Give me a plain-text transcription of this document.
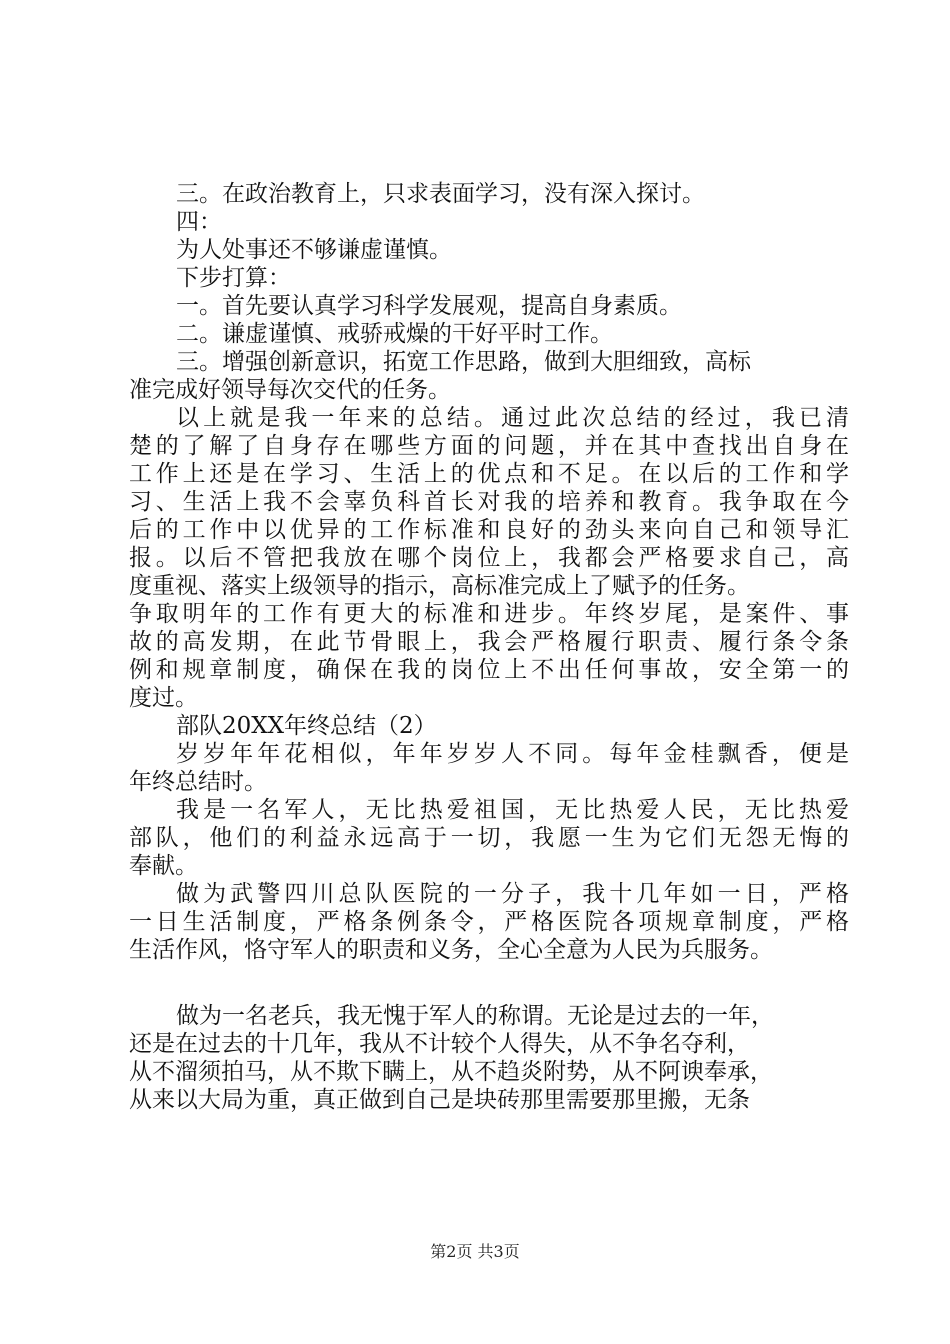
三。在政治教育上，只求表面学习，没有深入探讨。

四：

为人处事还不够谦虚谨慎。

下步打算：

一。首先要认真学习科学发展观，提高自身素质。

二。谦虚谨慎、戒骄戒燥的干好平时工作。

三。增强创新意识，拓宽工作思路，做到大胆细致，高标

准完成好领导每次交代的任务。

以上就是我一年来的总结。通过此次总结的经过，我已清

楚的了解了自身存在哪些方面的问题，并在其中查找出自身在

工作上还是在学习、生活上的优点和不足。在以后的工作和学

习、生活上我不会辜负科首长对我的培养和教育。我争取在今

后的工作中以优异的工作标准和良好的劲头来向自己和领导汇

报。以后不管把我放在哪个岗位上，我都会严格要求自己，高

度重视、落实上级领导的指示，高标准完成上了赋予的任务。

争取明年的工作有更大的标准和进步。年终岁尾，是案件、事

故的高发期，在此节骨眼上，我会严格履行职责、履行条令条

例和规章制度，确保在我的岗位上不出任何事故，安全第一的

度过。

部队20XX年终总结（2）

岁岁年年花相似，年年岁岁人不同。每年金桂飘香，便是

年终总结时。

我是一名军人，无比热爱祖国，无比热爱人民，无比热爱

部队，他们的利益永远高于一切，我愿一生为它们无怨无悔的

奉献。

做为武警四川总队医院的一分子，我十几年如一日，严格

一日生活制度，严格条例条令，严格医院各项规章制度，严格

生活作风，恪守军人的职责和义务，全心全意为人民为兵服务。

做为一名老兵，我无愧于军人的称谓。无论是过去的一年，

还是在过去的十几年，我从不计较个人得失，从不争名夺利，

从不溜须拍马，从不欺下瞒上，从不趋炎附势，从不阿谀奉承，

从来以大局为重，真正做到自己是块砖那里需要那里搬，无条

第2页 共3页
